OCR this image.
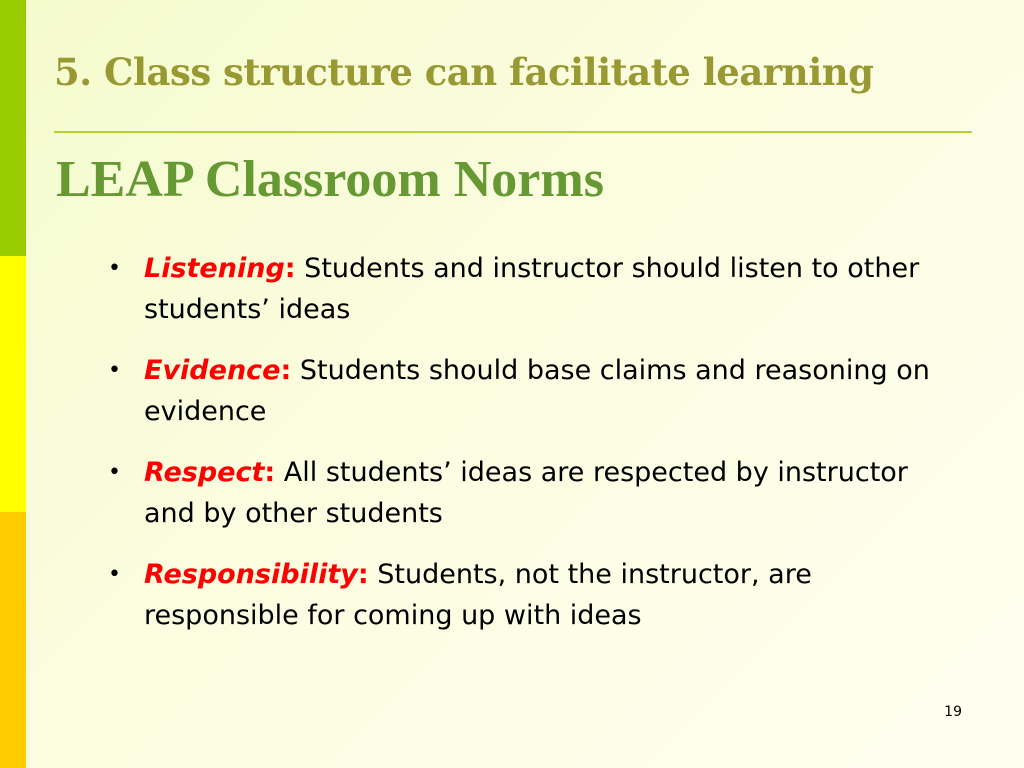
5. Class structure can facilitate learning
LEAP Classroom Norms
• Listening: Students and instructor should listen to other students’ ideas
• Evidence: Students should base claims and reasoning on evidence
• Respect: All students’ ideas are respected by instructor and by other students
• Responsibility: Students, not the instructor, are responsible for coming up with ideas
19
